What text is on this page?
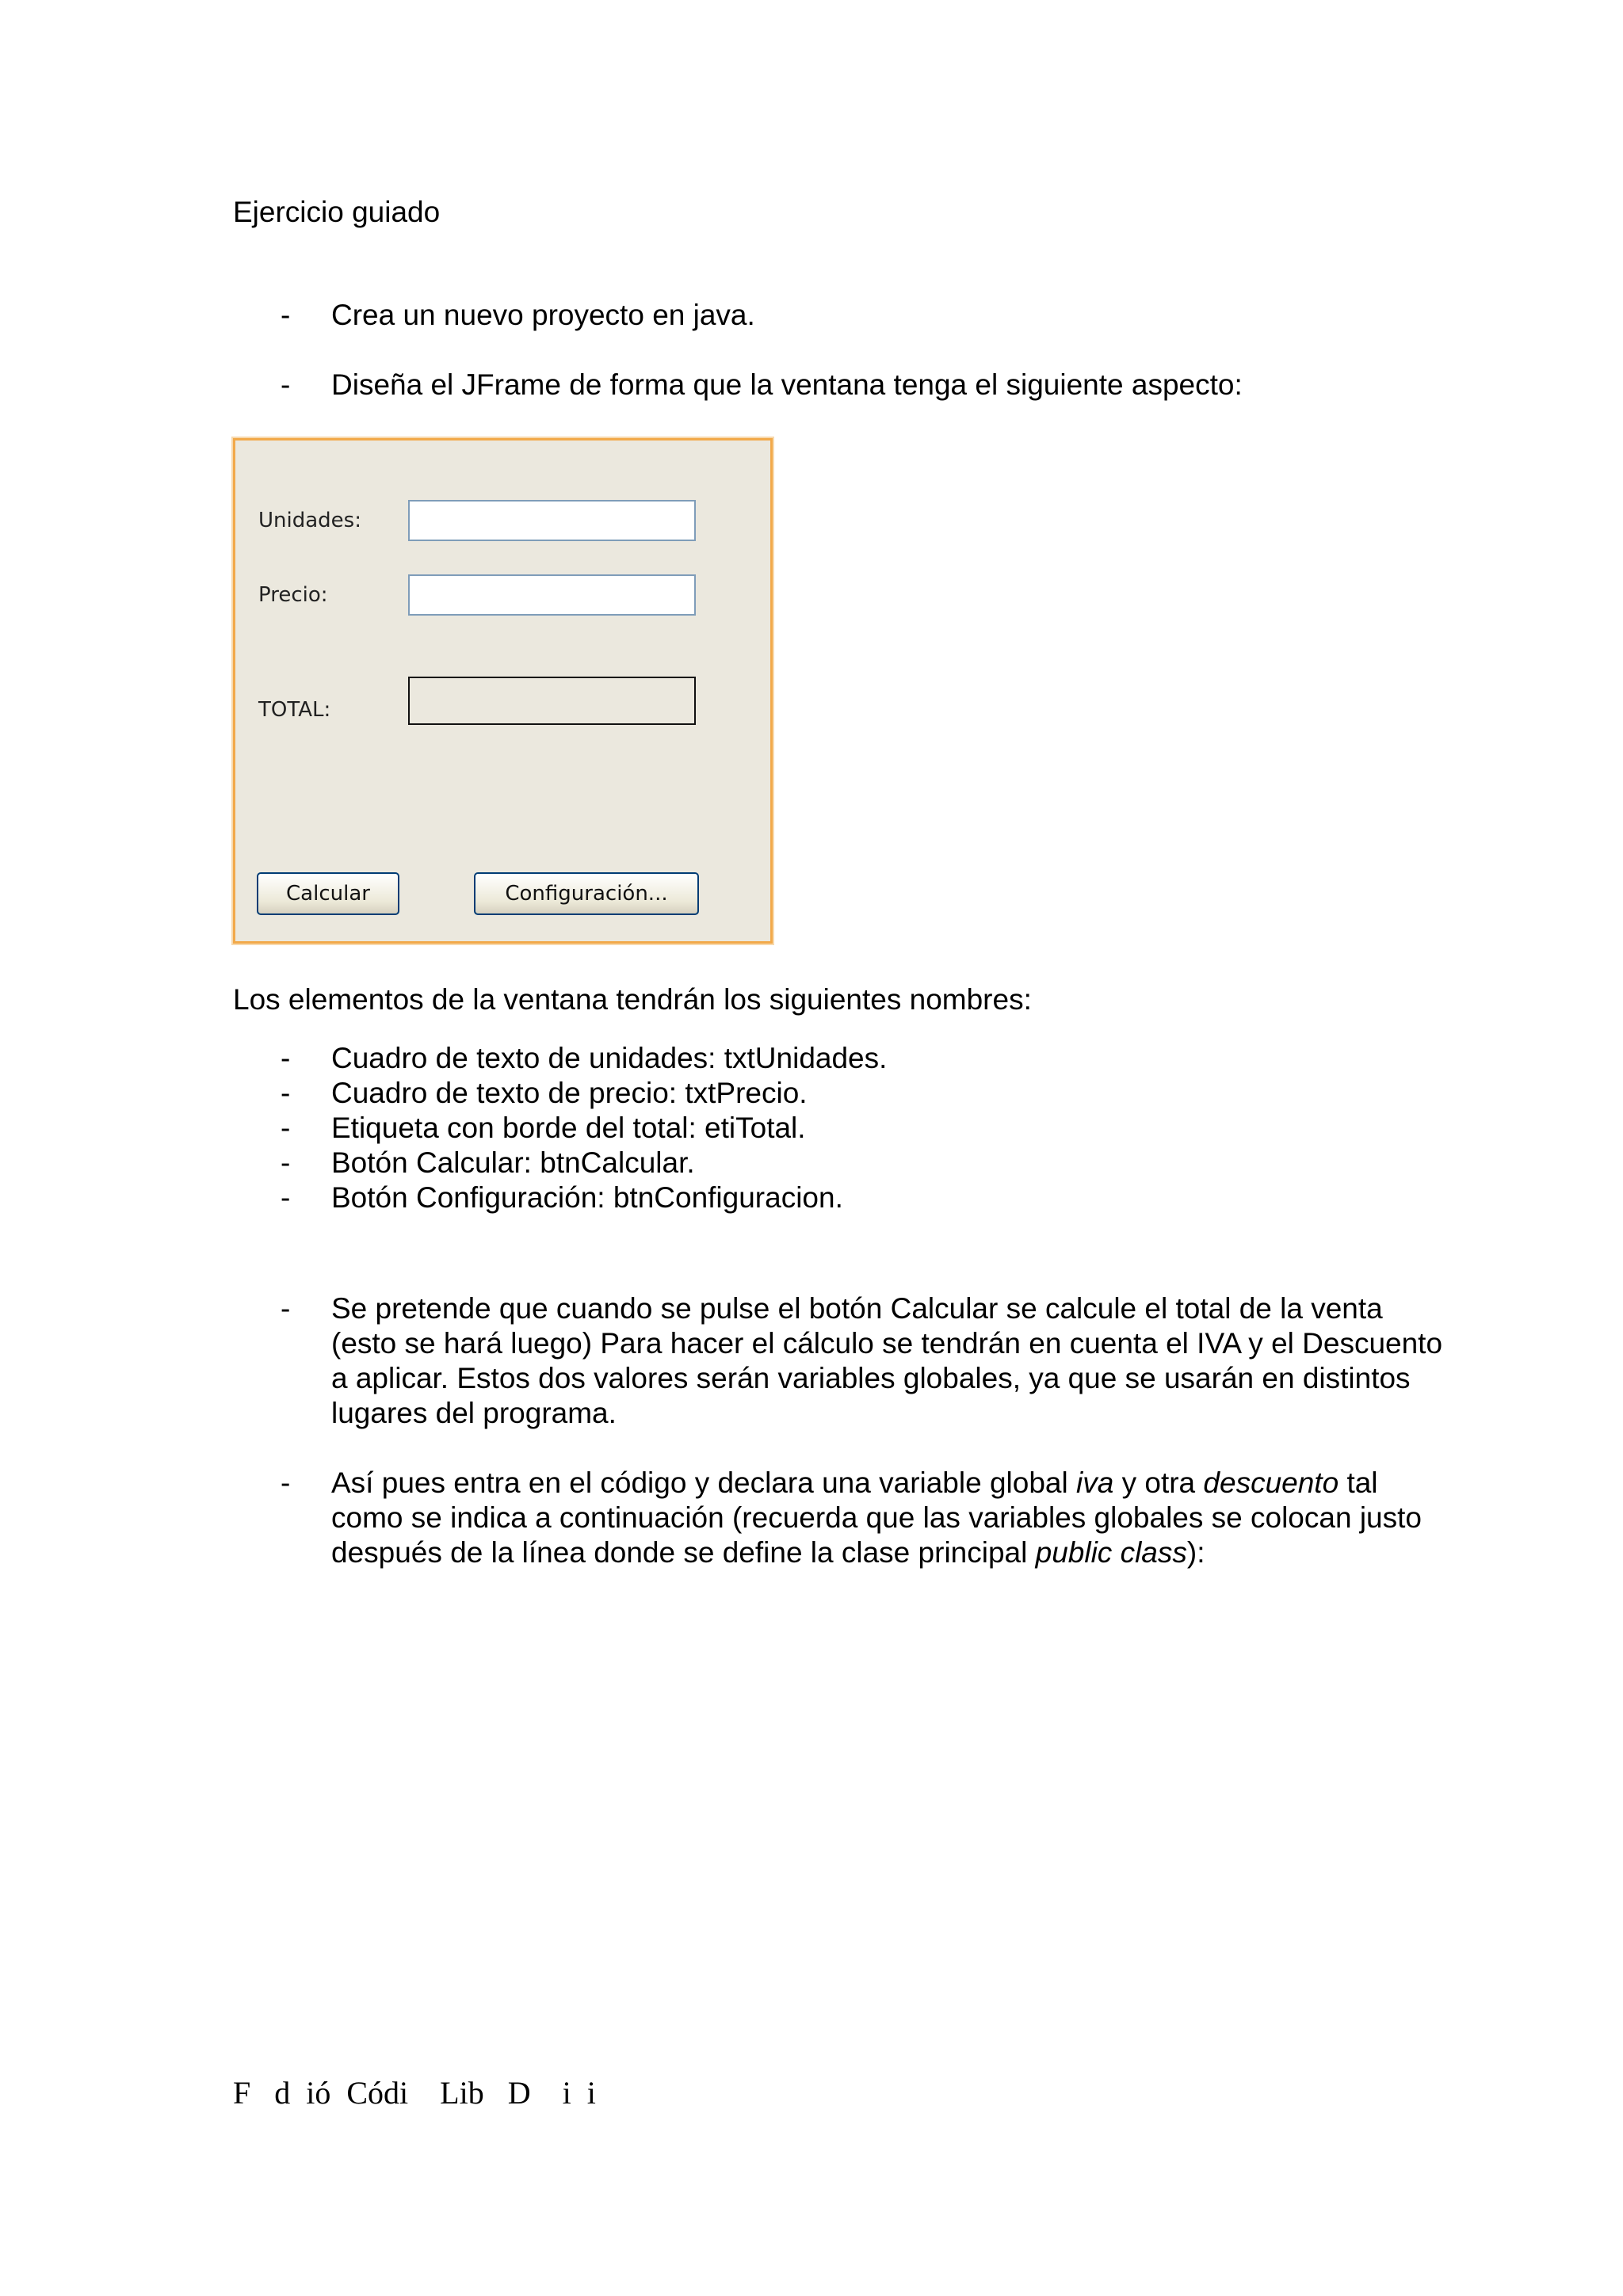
Ejercicio guiado
- Crea un nuevo proyecto en java.
- Diseña el JFrame de forma que la ventana tenga el siguiente aspecto:
Unidades:
Precio:
TOTAL:
Calcular	Configuración...
Los elementos de la ventana tendrán los siguientes nombres:
- Cuadro de texto de unidades: txtUnidades.
- Cuadro de texto de precio: txtPrecio.
- Etiqueta con borde del total: etiTotal.
- Botón Calcular: btnCalcular.
- Botón Configuración: btnConfiguracion.
- Se pretende que cuando se pulse el botón Calcular se calcule el total de la venta
(esto se hará luego) Para hacer el cálculo se tendrán en cuenta el IVA y el Descuento
a aplicar. Estos dos valores serán variables globales, ya que se usarán en distintos
lugares del programa.
- Así pues entra en el código y declara una variable global iva y otra descuento tal
como se indica a continuación (recuerda que las variables globales se colocan justo
después de la línea donde se define la clase principal public class):
F   d  ió  Códi    Lib   D    i  i
